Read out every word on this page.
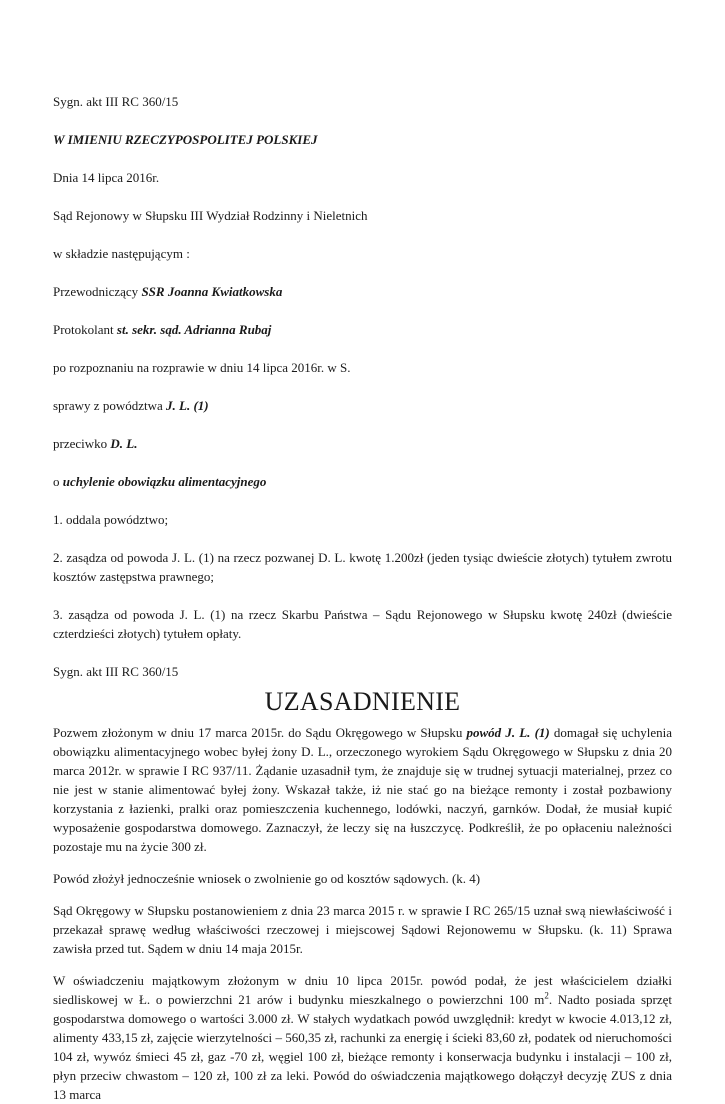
Sygn. akt III RC 360/15

W IMIENIU RZECZYPOSPOLITEJ POLSKIEJ

Dnia 14 lipca 2016r.

Sąd Rejonowy w Słupsku III Wydział Rodzinny i Nieletnich

w składzie następującym :

Przewodniczący SSR Joanna Kwiatkowska

Protokolant st. sekr. sąd. Adrianna Rubaj

po rozpoznaniu na rozprawie w dniu 14 lipca 2016r. w S.

sprawy z powództwa J. L. (1)

przeciwko D. L.

o uchylenie obowiązku alimentacyjnego

1. oddala powództwo;

2. zasądza od powoda J. L. (1) na rzecz pozwanej D. L. kwotę 1.200zł (jeden tysiąc dwieście złotych) tytułem zwrotu kosztów zastępstwa prawnego;

3. zasądza od powoda J. L. (1) na rzecz Skarbu Państwa – Sądu Rejonowego w Słupsku kwotę 240zł (dwieście czterdzieści złotych) tytułem opłaty.

Sygn. akt III RC 360/15

UZASADNIENIE

Pozwem złożonym w dniu 17 marca 2015r. do Sądu Okręgowego w Słupsku powód J. L. (1) domagał się uchylenia obowiązku alimentacyjnego wobec byłej żony D. L., orzeczonego wyrokiem Sądu Okręgowego w Słupsku z dnia 20 marca 2012r. w sprawie I RC 937/11. Żądanie uzasadnił tym, że znajduje się w trudnej sytuacji materialnej, przez co nie jest w stanie alimentować byłej żony. Wskazał także, iż nie stać go na bieżące remonty i został pozbawiony korzystania z łazienki, pralki oraz pomieszczenia kuchennego, lodówki, naczyń, garnków. Dodał, że musiał kupić wyposażenie gospodarstwa domowego. Zaznaczył, że leczy się na łuszczycę. Podkreślił, że po opłaceniu należności pozostaje mu na życie 300 zł.

Powód złożył jednocześnie wniosek o zwolnienie go od kosztów sądowych. (k. 4)

Sąd Okręgowy w Słupsku postanowieniem z dnia 23 marca 2015 r. w sprawie I RC 265/15 uznał swą niewłaściwość i przekazał sprawę według właściwości rzeczowej i miejscowej Sądowi Rejonowemu w Słupsku. (k. 11) Sprawa zawisła przed tut. Sądem w dniu 14 maja 2015r.

W oświadczeniu majątkowym złożonym w dniu 10 lipca 2015r. powód podał, że jest właścicielem działki siedliskowej w Ł. o powierzchni 21 arów i budynku mieszkalnego o powierzchni 100 $m^2$. Nadto posiada sprzęt gospodarstwa domowego o wartości 3.000 zł. W stałych wydatkach powód uwzględnił: kredyt w kwocie 4.013,12 zł, alimenty 433,15 zł, zajęcie wierzytelności – 560,35 zł, rachunki za energię i ścieki 83,60 zł, podatek od nieruchomości 104 zł, wywóz śmieci 45 zł, gaz -70 zł, węgiel 100 zł, bieżące remonty i konserwacja budynku i instalacji – 100 zł, płyn przeciw chwastom – 120 zł, 100 zł za leki. Powód do oświadczenia majątkowego dołączył decyzję ZUS z dnia 13 marca
